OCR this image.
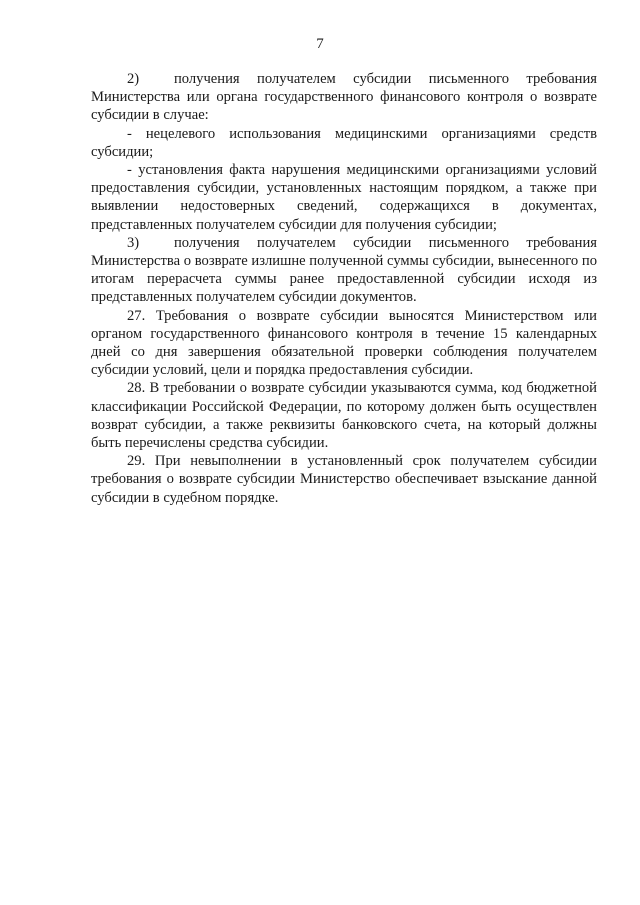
7

2)  получения получателем субсидии письменного требования Министерства или органа государственного финансового контроля о возврате субсидии в случае:

- нецелевого использования медицинскими организациями средств субсидии;

- установления факта нарушения медицинскими организациями условий предоставления субсидии, установленных настоящим порядком, а также при выявлении недостоверных сведений, содержащихся в документах, представленных получателем субсидии для получения субсидии;

3)  получения получателем субсидии письменного требования Министерства о возврате излишне полученной суммы субсидии, вынесенного по итогам перерасчета суммы ранее предоставленной субсидии исходя из представленных получателем субсидии документов.

27. Требования о возврате субсидии выносятся Министерством или органом государственного финансового контроля в течение 15 календарных дней со дня завершения обязательной проверки соблюдения получателем субсидии условий, цели и порядка предоставления субсидии.

28. В требовании о возврате субсидии указываются сумма, код бюджетной классификации Российской Федерации, по которому должен быть осуществлен возврат субсидии, а также реквизиты банковского счета, на который должны быть перечислены средства субсидии.

29. При невыполнении в установленный срок получателем субсидии требования о возврате субсидии Министерство обеспечивает взыскание данной субсидии в судебном порядке.
